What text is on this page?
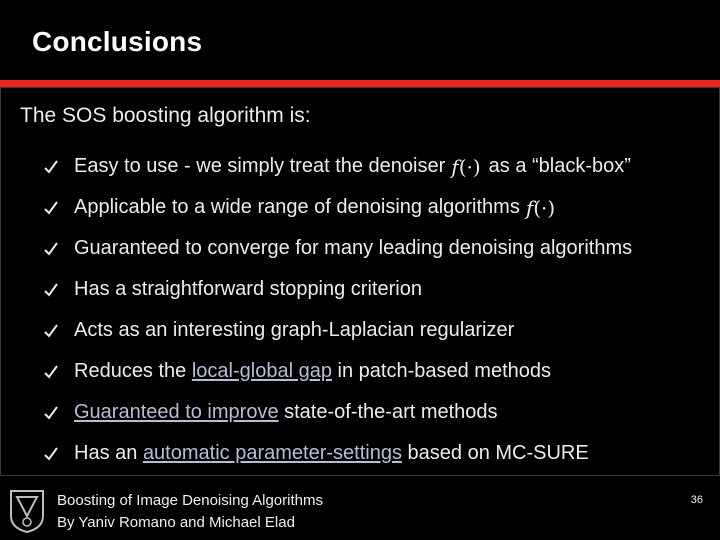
Conclusions
The SOS boosting algorithm is:
Easy to use - we simply treat the denoiser f(·) as a “black-box”
Applicable to a wide range of denoising algorithms f(·)
Guaranteed to converge for many leading denoising algorithms
Has a straightforward stopping criterion
Acts as an interesting graph-Laplacian regularizer
Reduces the
local-global gap
in patch-based methods
Guaranteed to improve
state-of-the-art methods
Has an
automatic parameter-settings
based on MC-SURE
Boosting of Image Denoising Algorithms
By Yaniv Romano and Michael Elad
36
